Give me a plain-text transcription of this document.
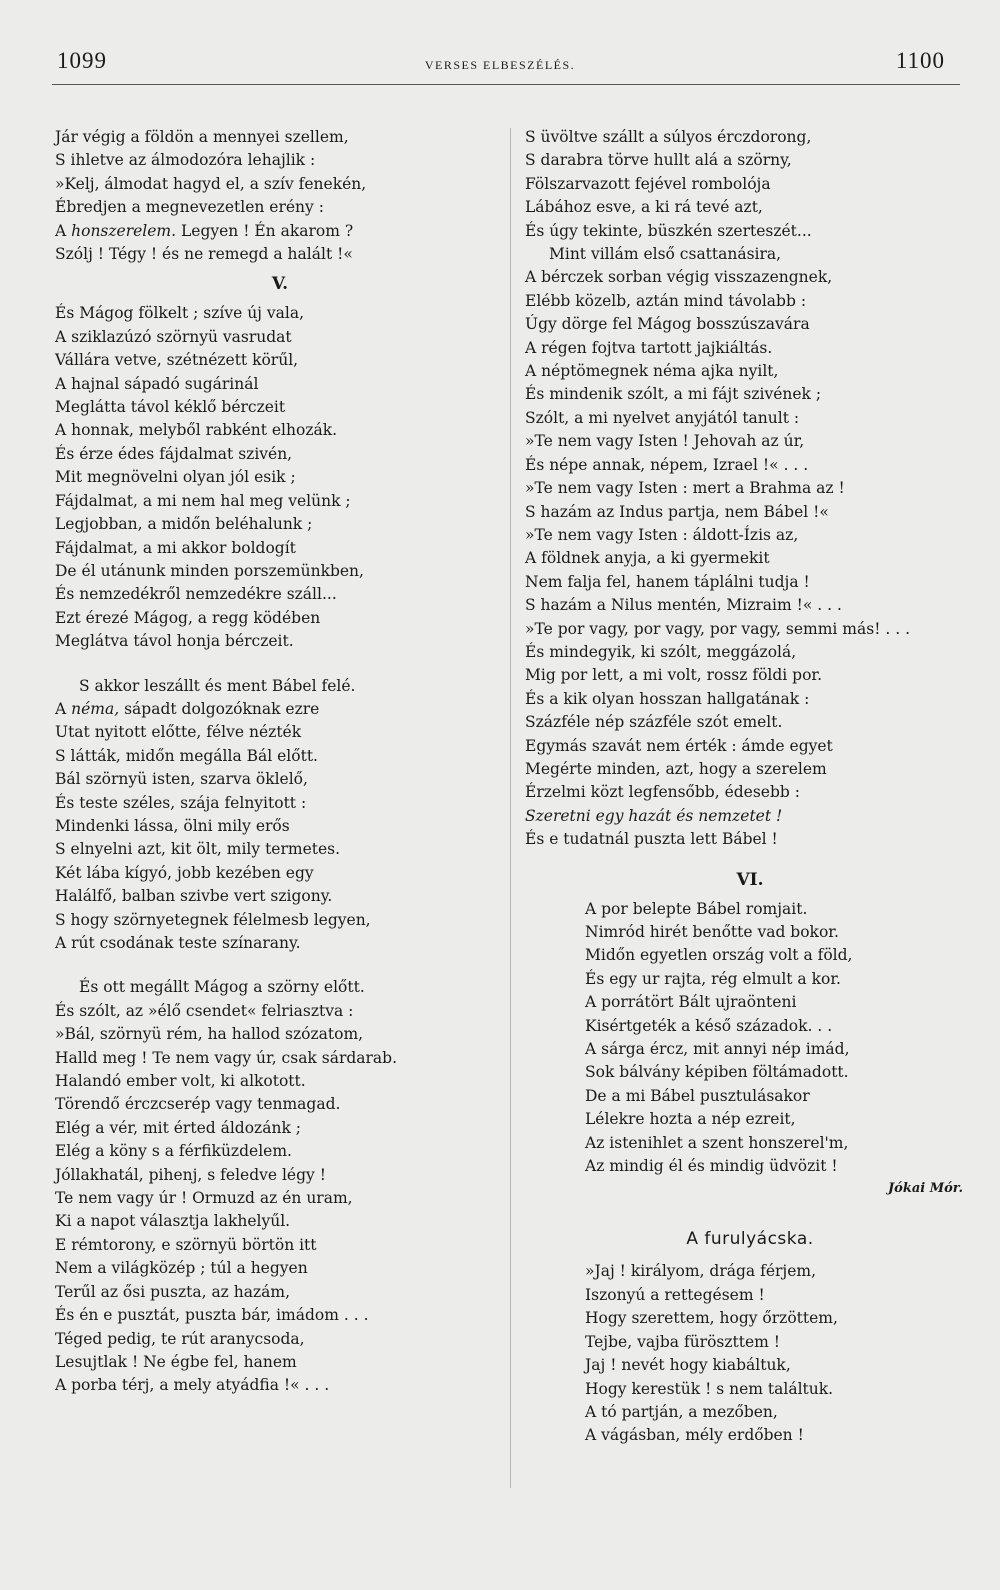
1099	VERSES ELBESZÉLÉS.	1100

Jár végig a földön a mennyei szellem,

S ihletve az álmodozóra lehajlik :

»Kelj, álmodat hagyd el, a szív fenekén,

Ébredjen a megnevezetlen erény :

A honszerelem. Legyen ! Én akarom ?

Szólj ! Tégy ! és ne remegd a halált !«

V.

És Mágog fölkelt ; szíve új vala,

A sziklazúzó szörnyü vasrudat

Vállára vetve, szétnézett körűl,

A hajnal sápadó sugárinál

Meglátta távol kéklő bérczeit

A honnak, melyből rabként elhozák.

És érze édes fájdalmat szivén,

Mit megnövelni olyan jól esik ;

Fájdalmat, a mi nem hal meg velünk ;

Legjobban, a midőn beléhalunk ;

Fájdalmat, a mi akkor boldogít

De él utánunk minden porszemünkben,

És nemzedékről nemzedékre száll...

Ezt érezé Mágog, a regg ködében

Meglátva távol honja bérczeit.

S akkor leszállt és ment Bábel felé.

A néma, sápadt dolgozóknak ezre

Utat nyitott előtte, félve nézték

S látták, midőn megálla Bál előtt.

Bál szörnyü isten, szarva öklelő,

És teste széles, szája felnyitott :

Mindenki lássa, ölni mily erős

S elnyelni azt, kit ölt, mily termetes.

Két lába kígyó, jobb kezében egy

Halálfő, balban szivbe vert szigony.

S hogy szörnyetegnek félelmesb legyen,

A rút csodának teste színarany.

És ott megállt Mágog a szörny előtt.

És szólt, az »élő csendet« felriasztva :

»Bál, szörnyü rém, ha hallod szózatom,

Halld meg ! Te nem vagy úr, csak sárdarab.

Halandó ember volt, ki alkotott.

Törendő érczcserép vagy tenmagad.

Elég a vér, mit érted áldozánk ;

Elég a köny s a férfiküzdelem.

Jóllakhatál, pihenj, s feledve légy !

Te nem vagy úr ! Ormuzd az én uram,

Ki a napot választja lakhelyűl.

E rémtorony, e szörnyü börtön itt

Nem a világközép ; túl a hegyen

Terűl az ősi puszta, az hazám,

És én e pusztát, puszta bár, imádom . . .

Téged pedig, te rút aranycsoda,

Lesujtlak ! Ne égbe fel, hanem

A porba térj, a mely atyádfia !« . . .

S üvöltve szállt a súlyos érczdorong,

S darabra törve hullt alá a szörny,

Fölszarvazott fejével rombolója

Lábához esve, a ki rá tevé azt,

És úgy tekinte, büszkén szerteszét...

Mint villám első csattanásira,

A bérczek sorban végig visszazengnek,

Elébb közelb, aztán mind távolabb :

Úgy dörge fel Mágog bosszúszavára

A régen fojtva tartott jajkiáltás.

A néptömegnek néma ajka nyilt,

És mindenik szólt, a mi fájt szivének ;

Szólt, a mi nyelvet anyjától tanult :

»Te nem vagy Isten ! Jehovah az úr,

És népe annak, népem, Izrael !« . . .

»Te nem vagy Isten : mert a Brahma az !

S hazám az Indus partja, nem Bábel !«

»Te nem vagy Isten : áldott-Ízis az,

A földnek anyja, a ki gyermekit

Nem falja fel, hanem táplálni tudja !

S hazám a Nilus mentén, Mizraim !« . . .

»Te por vagy, por vagy, por vagy, semmi más! . . .

És mindegyik, ki szólt, meggázolá,

Mig por lett, a mi volt, rossz földi por.

És a kik olyan hosszan hallgatának :

Százféle nép százféle szót emelt.

Egymás szavát nem érték : ámde egyet

Megérte minden, azt, hogy a szerelem

Érzelmi közt legfensőbb, édesebb :

Szeretni egy hazát és nemzetet !

És e tudatnál puszta lett Bábel !

VI.

A por belepte Bábel romjait.

Nimród hirét benőtte vad bokor.

Midőn egyetlen ország volt a föld,

És egy ur rajta, rég elmult a kor.

A porrátört Bált ujraönteni

Kisértgeték a késő századok. . .

A sárga ércz, mit annyi nép imád,

Sok bálvány képiben föltámadott.

De a mi Bábel pusztulásakor

Lélekre hozta a nép ezreit,

Az istenihlet a szent honszerel'm,

Az mindig él és mindig üdvözit !

Jókai Mór.
A furulyácska.

»Jaj ! királyom, drága férjem,

Iszonyú a rettegésem !

Hogy szerettem, hogy őrzöttem,

Tejbe, vajba füröszttem !

Jaj ! nevét hogy kiabáltuk,

Hogy kerestük ! s nem találtuk.

A tó partján, a mezőben,

A vágásban, mély erdőben !
